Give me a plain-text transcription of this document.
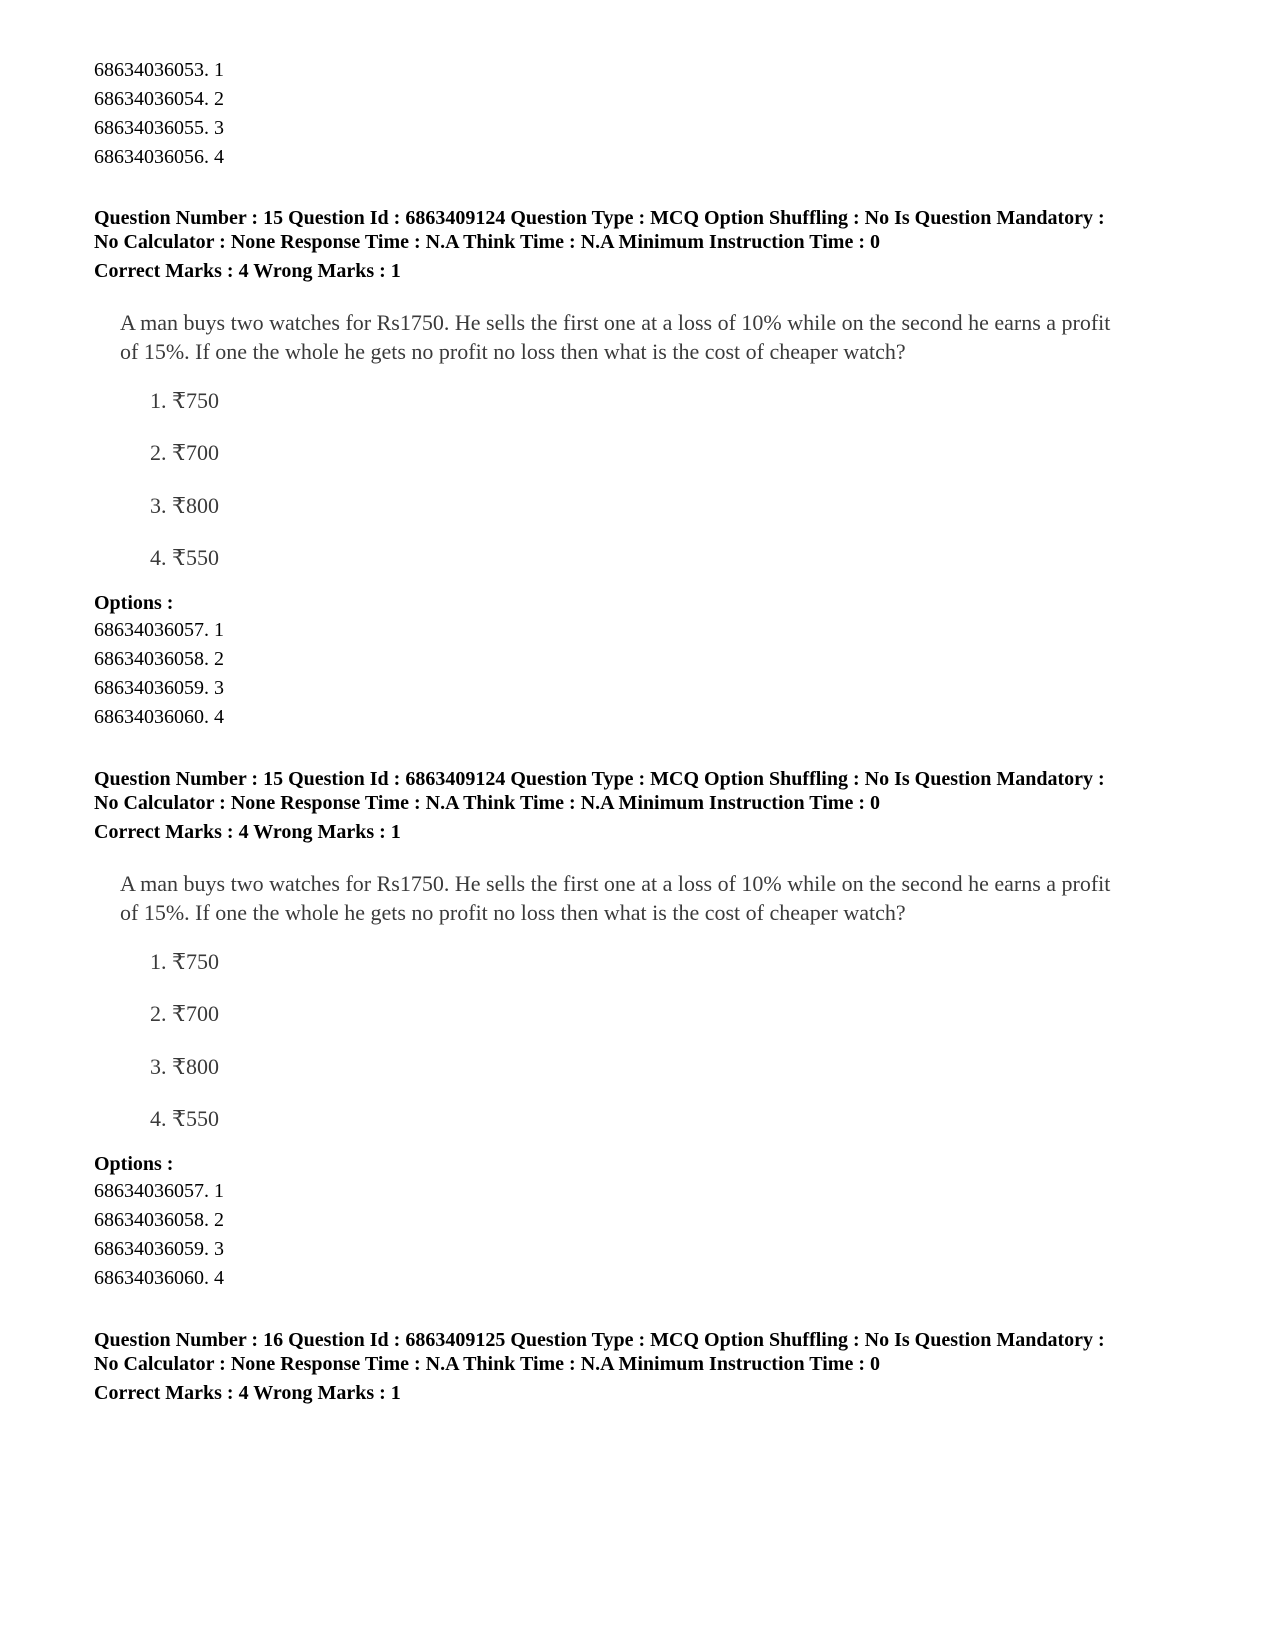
68634036053. 1
68634036054. 2
68634036055. 3
68634036056. 4
Question Number : 15 Question Id : 6863409124 Question Type : MCQ Option Shuffling : No Is Question Mandatory :
No Calculator : None Response Time : N.A Think Time : N.A Minimum Instruction Time : 0
Correct Marks : 4 Wrong Marks : 1
A man buys two watches for Rs1750. He sells the first one at a loss of 10% while on the second he earns a profit of 15%. If one the whole he gets no profit no loss then what is the cost of cheaper watch?
1. ₹750
2. ₹700
3. ₹800
4. ₹550
Options :
68634036057. 1
68634036058. 2
68634036059. 3
68634036060. 4
Question Number : 15 Question Id : 6863409124 Question Type : MCQ Option Shuffling : No Is Question Mandatory :
No Calculator : None Response Time : N.A Think Time : N.A Minimum Instruction Time : 0
Correct Marks : 4 Wrong Marks : 1
A man buys two watches for Rs1750. He sells the first one at a loss of 10% while on the second he earns a profit of 15%. If one the whole he gets no profit no loss then what is the cost of cheaper watch?
1. ₹750
2. ₹700
3. ₹800
4. ₹550
Options :
68634036057. 1
68634036058. 2
68634036059. 3
68634036060. 4
Question Number : 16 Question Id : 6863409125 Question Type : MCQ Option Shuffling : No Is Question Mandatory :
No Calculator : None Response Time : N.A Think Time : N.A Minimum Instruction Time : 0
Correct Marks : 4 Wrong Marks : 1
